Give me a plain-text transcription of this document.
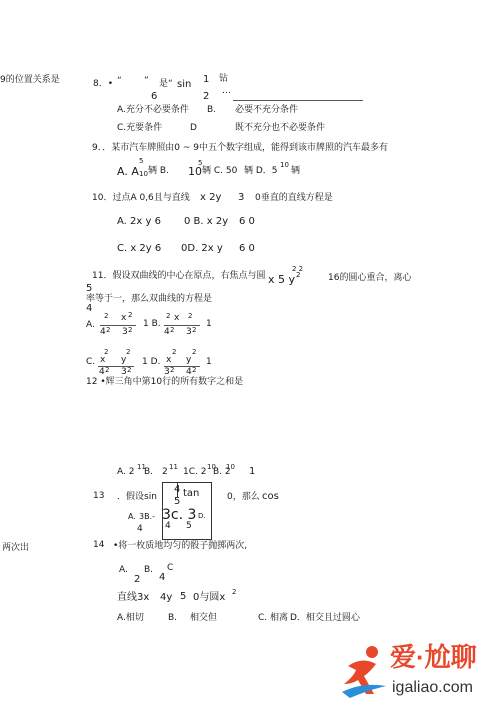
9的位置关系是
两次出
8．• “ ” 是“ sin 1 钻
6	2 …
A.充分不必要条件 B. 必要不充分条件
C.充要条件	D	既不充分也不必要条件
9．．某市汽车牌照由0 ~ 9中五个数字组成，能得到该市牌照的汽车最多有
5
A. A 10 辆 B. 10
5
辆 C. 50 辆 D．5
10
辆
10．过点A 0,6且与直线 x 2y 3 0垂直的直线方程是
A. 2x y 6 0 B. x 2y 6 0
C. x 2y 6 0D. 2x y 6 0
11．假设双曲线的中心在原点，右焦点与圆
2 2
x 5 y 2	16的圆心重合，离心
5
率等于一，那么双曲线的方程是
4
A.
2 x 2
4 2 3 2
1 B.
2 x 2
4 2 3 2
1
C.
2	2
x y
4 2 3 2
1 D.
2 2
x y
3 2 4 2
1
12 •辉三角中第10行的所有数字之和是
A. 2 11
B. 2 11 1C. 2 10
B. 2
10 1
13 ．假设sin
4 tan
5	0，那么 cos
A. 3B.-
4
3c. 3 D.
4 5
14 •将一枚质地均匀的骰子抛掷两次,
A. B. C
2 4
直线3x 4y 5 0与圆x 2
A.相切	B. 相交但	C. 相离 D．相交且过圆心
爱·尬聊
igaliao.com
